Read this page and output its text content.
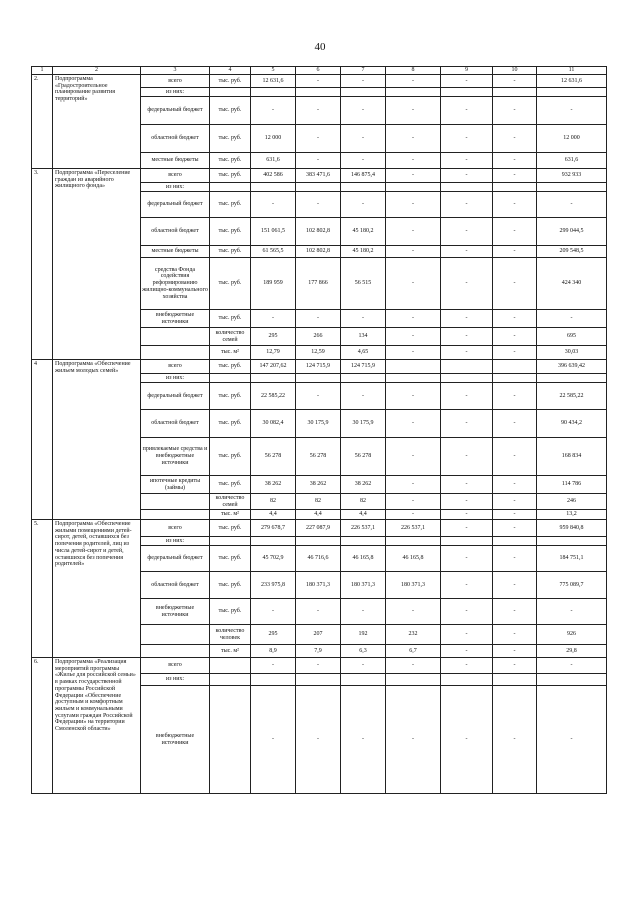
40
1	2	3	4	5	6	7	8	9	10	11
2.	Подпрограмма «Градостроительное планирование развития территорий»	всего	тыс. руб.	12 631,6	-	-	-	-	-	12 631,6
		из них:								
		федеральный бюджет	тыс. руб.	-	-	-	-	-	-	-
		областной бюджет	тыс. руб.	12 000	-	-	-	-	-	12 000
		местные бюджеты	тыс. руб.	631,6	-	-	-	-	-	631,6
3.	Подпрограмма «Переселение граждан из аварийного жилищного фонда»	всего	тыс. руб.	402 586	383 471,6	146 875,4	-	-	-	932 933
		из них:								
		федеральный бюджет	тыс. руб.	-	-	-	-	-	-	-
		областной бюджет	тыс. руб.	151 061,5	102 802,8	45 180,2	-	-	-	299 044,5
		местные бюджеты	тыс. руб.	61 565,5	102 802,8	45 180,2	-	-	-	209 548,5
		средства Фонда содействия реформированию жилищно-коммунального хозяйства	тыс. руб.	189 959	177 866	56 515	-	-	-	424 340
		внебюджетные источники	тыс. руб.	-	-	-	-	-	-	-
			количество семей	295	266	134	-	-	-	695
			тыс. м²	12,79	12,59	4,65	-	-	-	30,03
4	Подпрограмма «Обеспечение жильем молодых семей»	всего	тыс. руб.	147 207,62	124 715,9	124 715,9				396 639,42
		из них:								
		федеральный бюджет	тыс. руб.	22 585,22	-	-	-	-	-	22 585,22
		областной бюджет	тыс. руб.	30 082,4	30 175,9	30 175,9	-	-	-	90 434,2
		привлекаемые средства и внебюджетные источники	тыс. руб.	56 278	56 278	56 278	-	-	-	168 834
		ипотечные кредиты (займы)	тыс. руб.	38 262	38 262	38 262	-	-	-	114 786
			количество семей	82	82	82	-	-	-	246
			тыс. м²	4,4	4,4	4,4	-	-	-	13,2
5.	Подпрограмма «Обеспечение жилыми помещениями детей-сирот, детей, оставшихся без попечения родителей, лиц из числа детей-сирот и детей, оставшихся без попечения родителей»	всего	тыс. руб.	279 678,7	227 087,9	226 537,1	226 537,1	-	-	959 840,8
		из них:								
		федеральный бюджет	тыс. руб.	45 702,9	46 716,6	46 165,8	46 165,8	-	-	184 751,1
		областной бюджет	тыс. руб.	233 975,8	180 371,3	180 371,3	180 371,3	-	-	775 089,7
		внебюджетные источники	тыс. руб.	-	-	-	-	-	-	-
			количество человек	295	207	192	232	-	-	926
			тыс. м²	8,9	7,9	6,3	6,7	-	-	29,8
6.	Подпрограмма «Реализация мероприятий программы «Жилье для российской семьи» в рамках государственной программы Российской Федерации «Обеспечение доступным и комфортным жильем и коммунальными услугами граждан Российской Федерации» на территории Смоленской области»	всего		-	-	-	-	-	-	-
		из них:								
		внебюджетные источники		-	-	-	-	-	-	-
